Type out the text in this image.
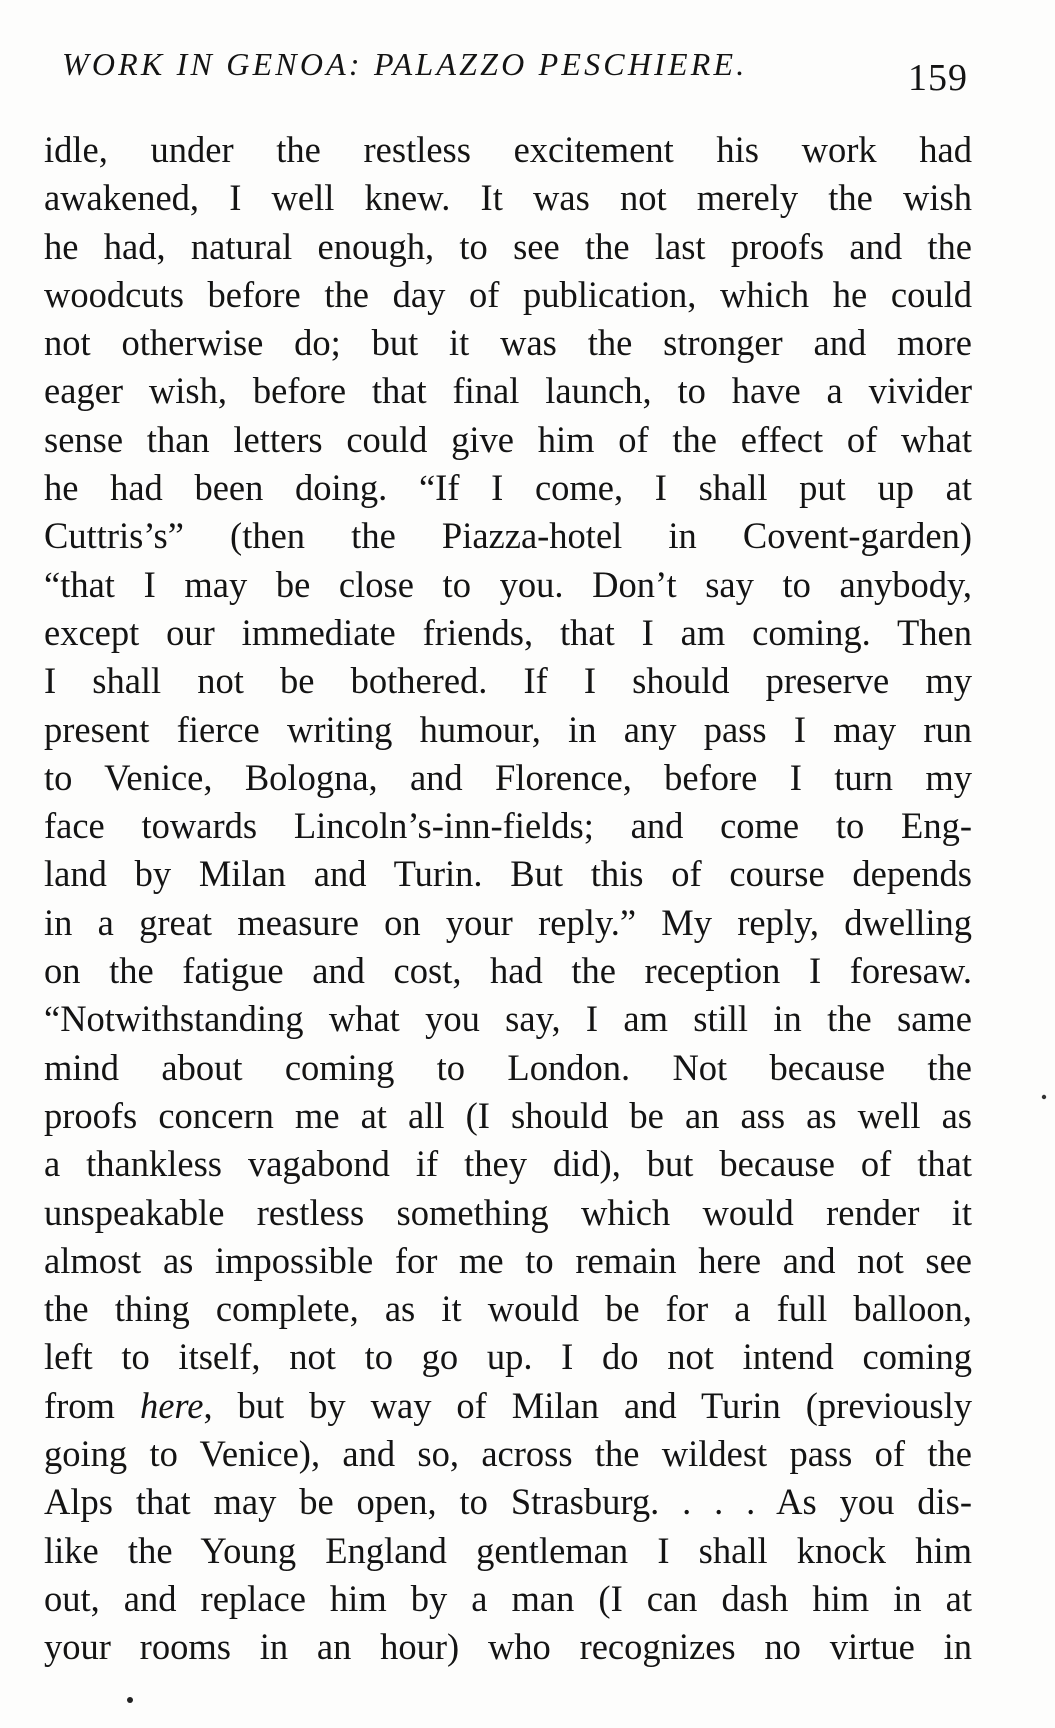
WORK IN GENOA: PALAZZO PESCHIERE.	159
idle, under the restless excitement his work had
awakened, I well knew. It was not merely the wish
he had, natural enough, to see the last proofs and the
woodcuts before the day of publication, which he could
not otherwise do; but it was the stronger and more
eager wish, before that final launch, to have a vivider
sense than letters could give him of the effect of what
he had been doing. “If I come, I shall put up at
Cuttris’s” (then the Piazza-hotel in Covent-garden)
“that I may be close to you. Don’t say to anybody,
except our immediate friends, that I am coming. Then
I shall not be bothered. If I should preserve my
present fierce writing humour, in any pass I may run
to Venice, Bologna, and Florence, before I turn my
face towards Lincoln’s-inn-fields; and come to Eng-
land by Milan and Turin. But this of course depends
in a great measure on your reply.” My reply, dwelling
on the fatigue and cost, had the reception I foresaw.
“Notwithstanding what you say, I am still in the same
mind about coming to London. Not because the
proofs concern me at all (I should be an ass as well as
a thankless vagabond if they did), but because of that
unspeakable restless something which would render it
almost as impossible for me to remain here and not see
the thing complete, as it would be for a full balloon,
left to itself, not to go up. I do not intend coming
from here, but by way of Milan and Turin (previously
going to Venice), and so, across the wildest pass of the
Alps that may be open, to Strasburg. . . . As you dis-
like the Young England gentleman I shall knock him
out, and replace him by a man (I can dash him in at
your rooms in an hour) who recognizes no virtue in
